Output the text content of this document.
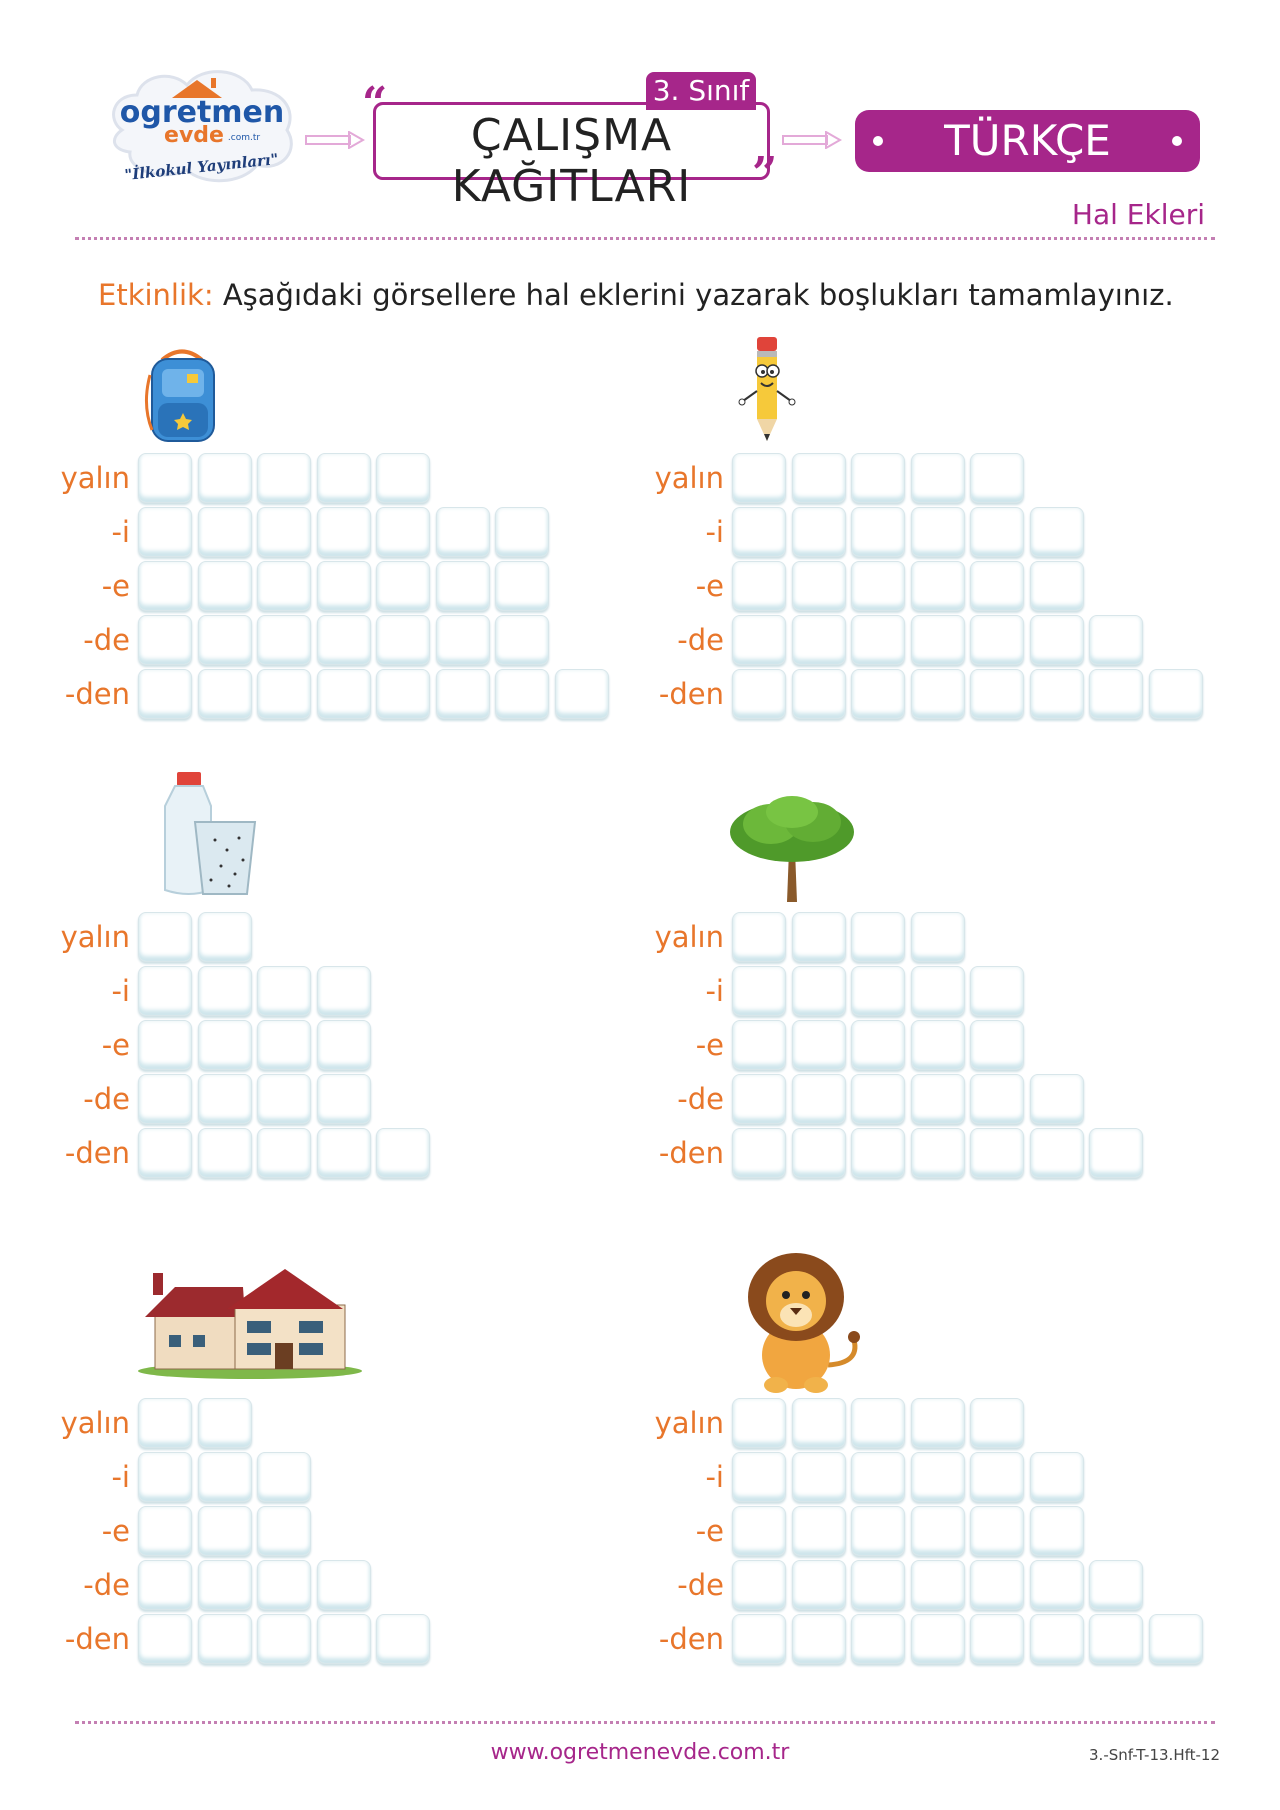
ogretmen
evde .com.tr
"İlkokul Yayınları"
“	3. Sınıf
ÇALIŞMA KAĞITLARI	”
TÜRKÇE
Hal Ekleri
Etkinlik: Aşağıdaki görsellere hal eklerini yazarak boşlukları tamamlayınız.
yalın
-i
-e
-de
-den
yalın
-i
-e
-de
-den
yalın
-i
-e
-de
-den
yalın
-i
-e
-de
-den
yalın
-i
-e
-de
-den
yalın
-i
-e
-de
-den
www.ogretmenevde.com.tr	3.-Snf-T-13.Hft-12
